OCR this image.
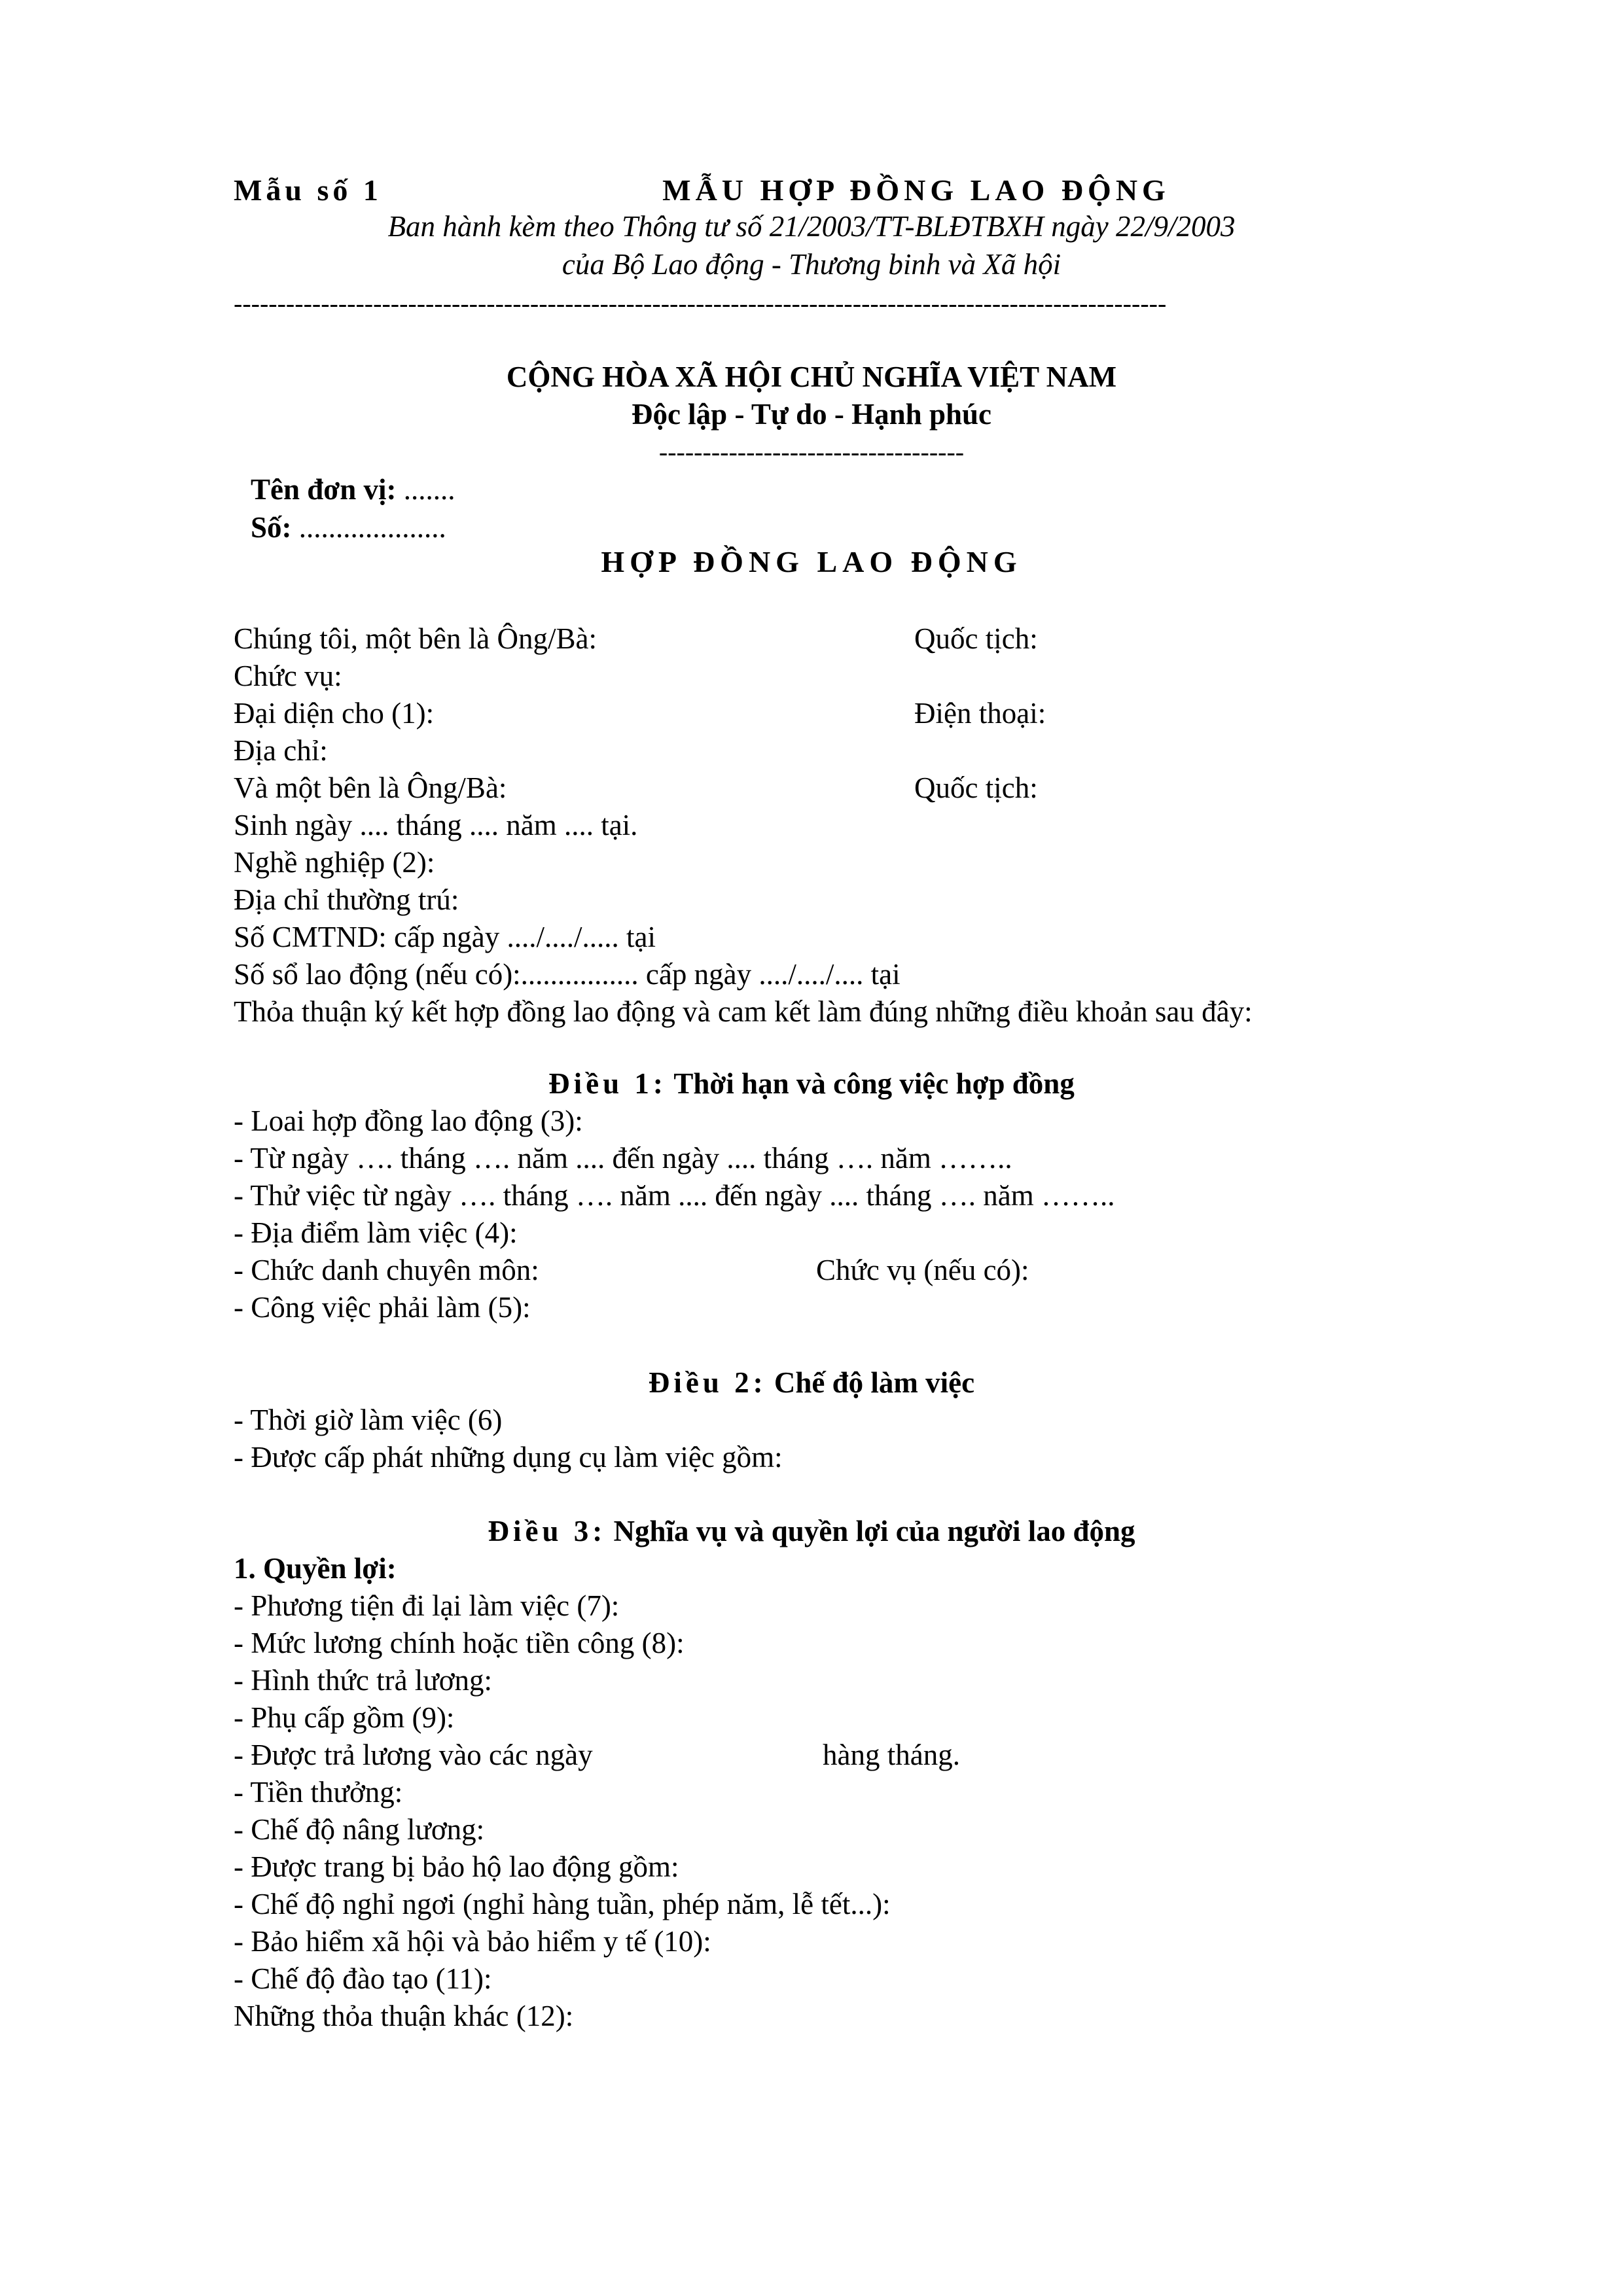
Mẫu số 1	MẪU HỢP ĐỒNG LAO ĐỘNG
Ban hành kèm theo Thông tư số 21/2003/TT-BLĐTBXH ngày 22/9/2003
của Bộ Lao động - Thương binh và Xã hội
-----------------------------------------------------------------------------------------------------------
CỘNG HÒA XÃ HỘI CHỦ NGHĨA VIỆT NAM
Độc lập - Tự do - Hạnh phúc
-----------------------------------
Tên đơn vị: .......
Số: ....................
HỢP ĐỒNG LAO ĐỘNG
Chúng tôi, một bên là Ông/Bà:	Quốc tịch:
Chức vụ:
Đại diện cho (1):	Điện thoại:
Địa chỉ:
Và một bên là Ông/Bà:	Quốc tịch:
Sinh ngày .... tháng .... năm .... tại.
Nghề nghiệp (2):
Địa chỉ thường trú:
Số CMTND: cấp ngày ..../..../..... tại
Số sổ lao động (nếu có):................ cấp ngày ..../..../.... tại
Thỏa thuận ký kết hợp đồng lao động và cam kết làm đúng những điều khoản sau đây:
Điều 1: Thời hạn và công việc hợp đồng
- Loai hợp đồng lao động (3):
- Từ ngày …. tháng …. năm .... đến ngày .... tháng …. năm ……..
- Thử việc từ ngày …. tháng …. năm .... đến ngày .... tháng …. năm ……..
- Địa điểm làm việc (4):
- Chức danh chuyên môn:	Chức vụ (nếu có):
- Công việc phải làm (5):
Điều 2: Chế độ làm việc
- Thời giờ làm việc (6)
- Được cấp phát những dụng cụ làm việc gồm:
Điều 3: Nghĩa vụ và quyền lợi của người lao động
1. Quyền lợi:
- Phương tiện đi lại làm việc (7):
- Mức lương chính hoặc tiền công (8):
- Hình thức trả lương:
- Phụ cấp gồm (9):
- Được trả lương vào các ngày	hàng tháng.
- Tiền thưởng:
- Chế độ nâng lương:
- Được trang bị bảo hộ lao động gồm:
- Chế độ nghỉ ngơi (nghỉ hàng tuần, phép năm, lễ tết...):
- Bảo hiểm xã hội và bảo hiểm y tế (10):
- Chế độ đào tạo (11):
Những thỏa thuận khác (12):
